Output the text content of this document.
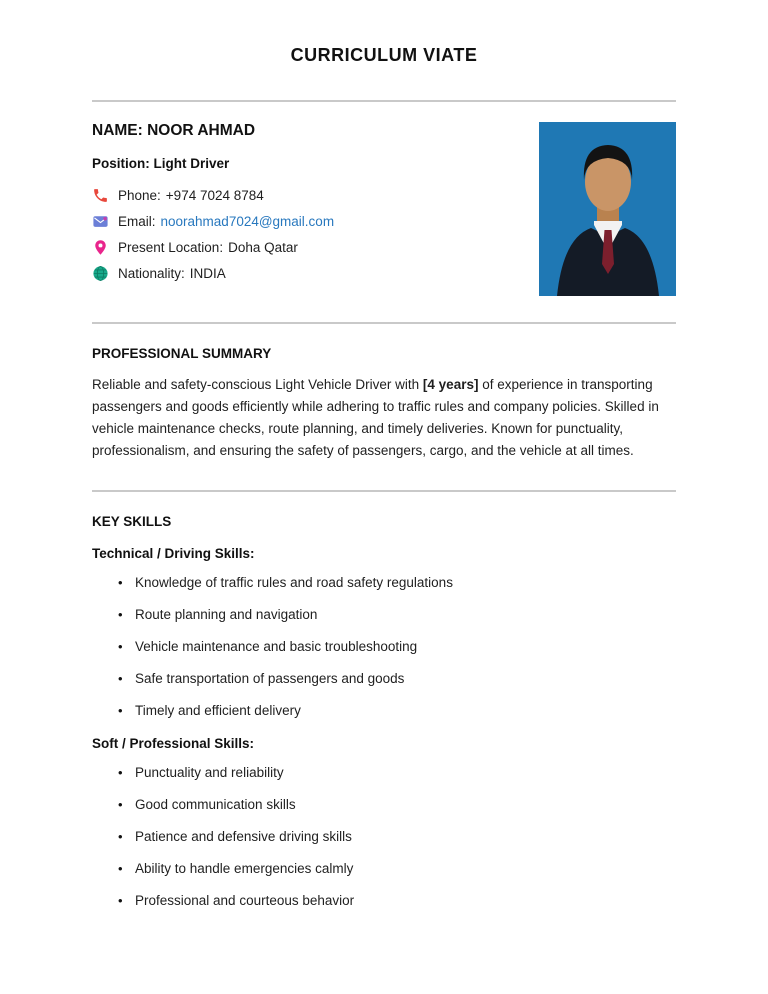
CURRICULUM VIATE
NAME: NOOR AHMAD
Position: Light Driver
Phone: +974 7024 8784
Email: noorahmad7024@gmail.com
Present Location: Doha Qatar
Nationality: INDIA
PROFESSIONAL SUMMARY

Reliable and safety-conscious Light Vehicle Driver with [4 years] of experience in transporting passengers and goods efficiently while adhering to traffic rules and company policies. Skilled in vehicle maintenance checks, route planning, and timely deliveries. Known for punctuality, professionalism, and ensuring the safety of passengers, cargo, and the vehicle at all times.

KEY SKILLS
Technical / Driving Skills:
• Knowledge of traffic rules and road safety regulations
• Route planning and navigation
• Vehicle maintenance and basic troubleshooting
• Safe transportation of passengers and goods
• Timely and efficient delivery
Soft / Professional Skills:
• Punctuality and reliability
• Good communication skills
• Patience and defensive driving skills
• Ability to handle emergencies calmly
• Professional and courteous behavior
